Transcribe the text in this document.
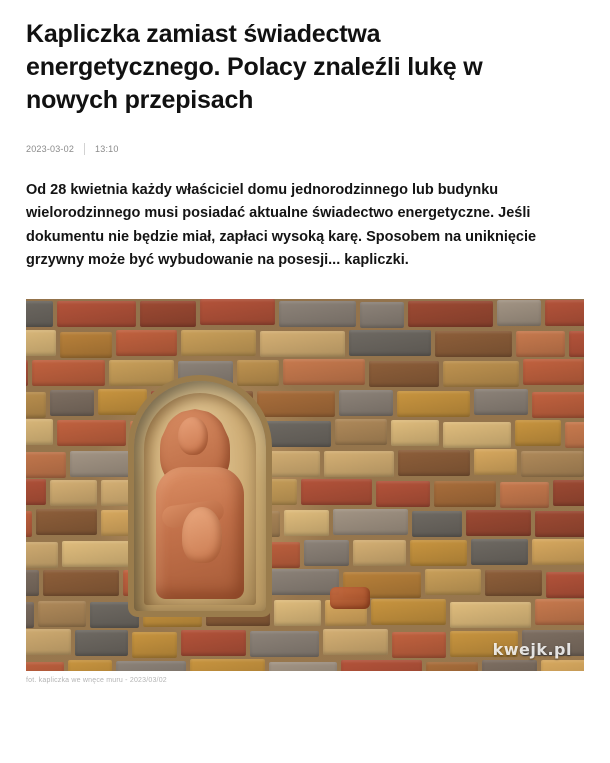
Kapliczka zamiast świadectwa energetycznego. Polacy znaleźli lukę w nowych przepisach
2023-03-02	13:10

Od 28 kwietnia każdy właściciel domu jednorodzinnego lub budynku wielorodzinnego musi posiadać aktualne świadectwo energetyczne. Jeśli dokumentu nie będzie miał, zapłaci wysoką karę. Sposobem na uniknięcie grzywny może być wybudowanie na posesji... kapliczki.

kwejk.pl
fot. kapliczka we wnęce muru - 2023/03/02
